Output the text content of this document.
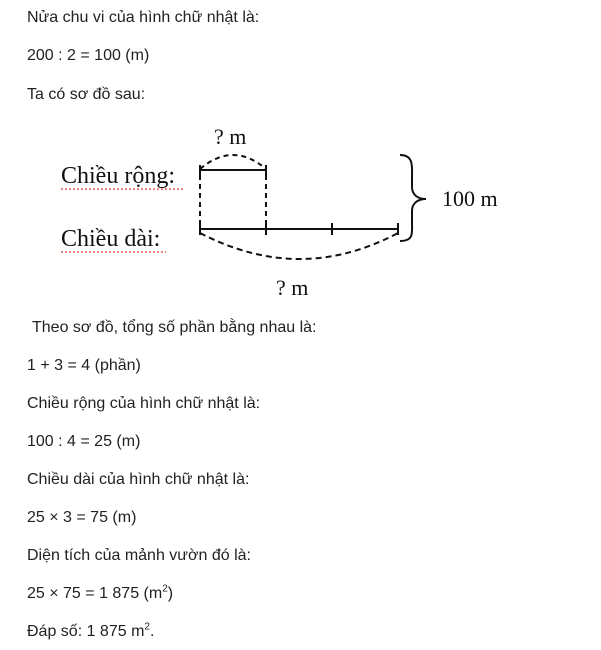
Nửa chu vi của hình chữ nhật là:
200 : 2 = 100 (m)
Ta có sơ đồ sau:
? m
Chiều rộng:
Chiều dài:
100 m
? m
Theo sơ đồ, tổng số phần bằng nhau là:
1 + 3 = 4 (phần)
Chiều rộng của hình chữ nhật là:
100 : 4 = 25 (m)
Chiều dài của hình chữ nhật là:
25 × 3 = 75 (m)
Diện tích của mảnh vườn đó là:
25 × 75 = 1 875 $(m^2)$
Đáp số: 1 875 $m^2$.
